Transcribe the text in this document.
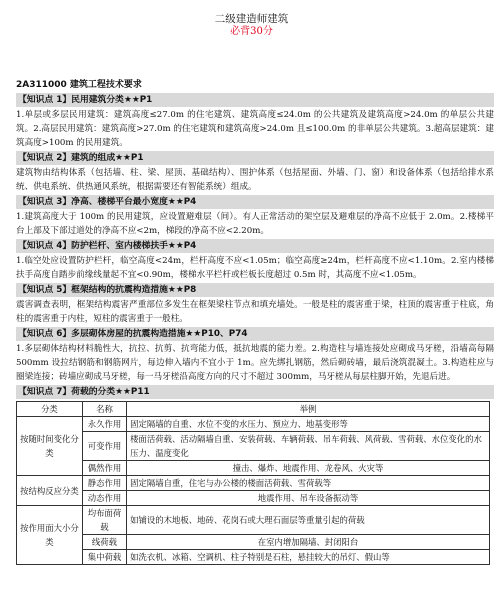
二级建造师建筑
必背30分
2A311000 建筑工程技术要求
【知识点 1】民用建筑分类★★P1
1.单层或多层民用建筑：建筑高度≤27.0m 的住宅建筑、建筑高度≤24.0m 的公共建筑及建筑高度>24.0m 的单层公共建筑。2.高层民用建筑：建筑高度>27.0m 的住宅建筑和建筑高度>24.0m 且≤100.0m 的非单层公共建筑。3.超高层建筑：建筑高度>100m 的民用建筑。
【知识点 2】建筑的组成★★P1
建筑物由结构体系（包括墙、柱、梁、屋顶、基础结构）、围护体系（包括屋面、外墙、门、窗）和设备体系（包括给排水系统、供电系统、供热通风系统，根据需要还有智能系统）组成。
【知识点 3】净高、楼梯平台最小宽度★★P4
1.建筑高度大于 100m 的民用建筑，应设置避难层（间）。有人正常活动的架空层及避难层的净高不应低于 2.0m。2.楼梯平台上部及下部过道处的净高不应<2m，梯段的净高不应<2.20m。
【知识点 4】防护栏杆、室内楼梯扶手★★P4
1.临空处应设置防护栏杆，临空高度<24m，栏杆高度不应<1.05m；临空高度≥24m，栏杆高度不应<1.10m。2.室内楼梯扶手高度自踏步前缘线量起不宜<0.90m，楼梯水平栏杆或栏板长度超过 0.5m 时，其高度不应<1.05m。
【知识点 5】框架结构的抗震构造措施★★P8
震害调查表明，框架结构震害严重部位多发生在框架梁柱节点和填充墙处。一般是柱的震害重于梁，柱顶的震害重于柱底，角柱的震害重于内柱，短柱的震害重于一般柱。
【知识点 6】多层砌体房屋的抗震构造措施★★P10、P74
1.多层砌体结构材料脆性大，抗拉、抗剪、抗弯能力低，抵抗地震的能力差。2.构造柱与墙连接处应砌成马牙槎，沿墙高每隔500mm 设拉结钢筋和钢筋网片，每边伸入墙内不宜小于 1m。应先绑扎钢筋，然后砌砖墙，最后浇筑混凝土。3.构造柱应与圈梁连接；砖墙应砌成马牙槎，每一马牙槎沿高度方向的尺寸不超过 300mm，马牙槎从每层柱脚开始，先退后进。
【知识点 7】荷载的分类★★P11
分类	名称	举例
按随时间变化分类	永久作用	固定隔墙的自重、水位不变的水压力、预应力、地基变形等
	可变作用	楼面活荷载、活动隔墙自重、安装荷载、车辆荷载、吊车荷载、风荷载、雪荷载、水位变化的水压力、温度变化
	偶然作用	撞击、爆炸、地震作用、龙卷风、火灾等
按结构反应分类	静态作用	固定隔墙自重，住宅与办公楼的楼面活荷载、雪荷载等
	动态作用	地震作用、吊车设备振动等
按作用面大小分类	均布面荷载	如铺设的木地板、地砖、花岗石或大理石面层等重量引起的荷载
	线荷载	在室内增加隔墙、封闭阳台
	集中荷载	如洗衣机、冰箱、空调机、柱子特别是石柱，悬挂较大的吊灯、假山等
